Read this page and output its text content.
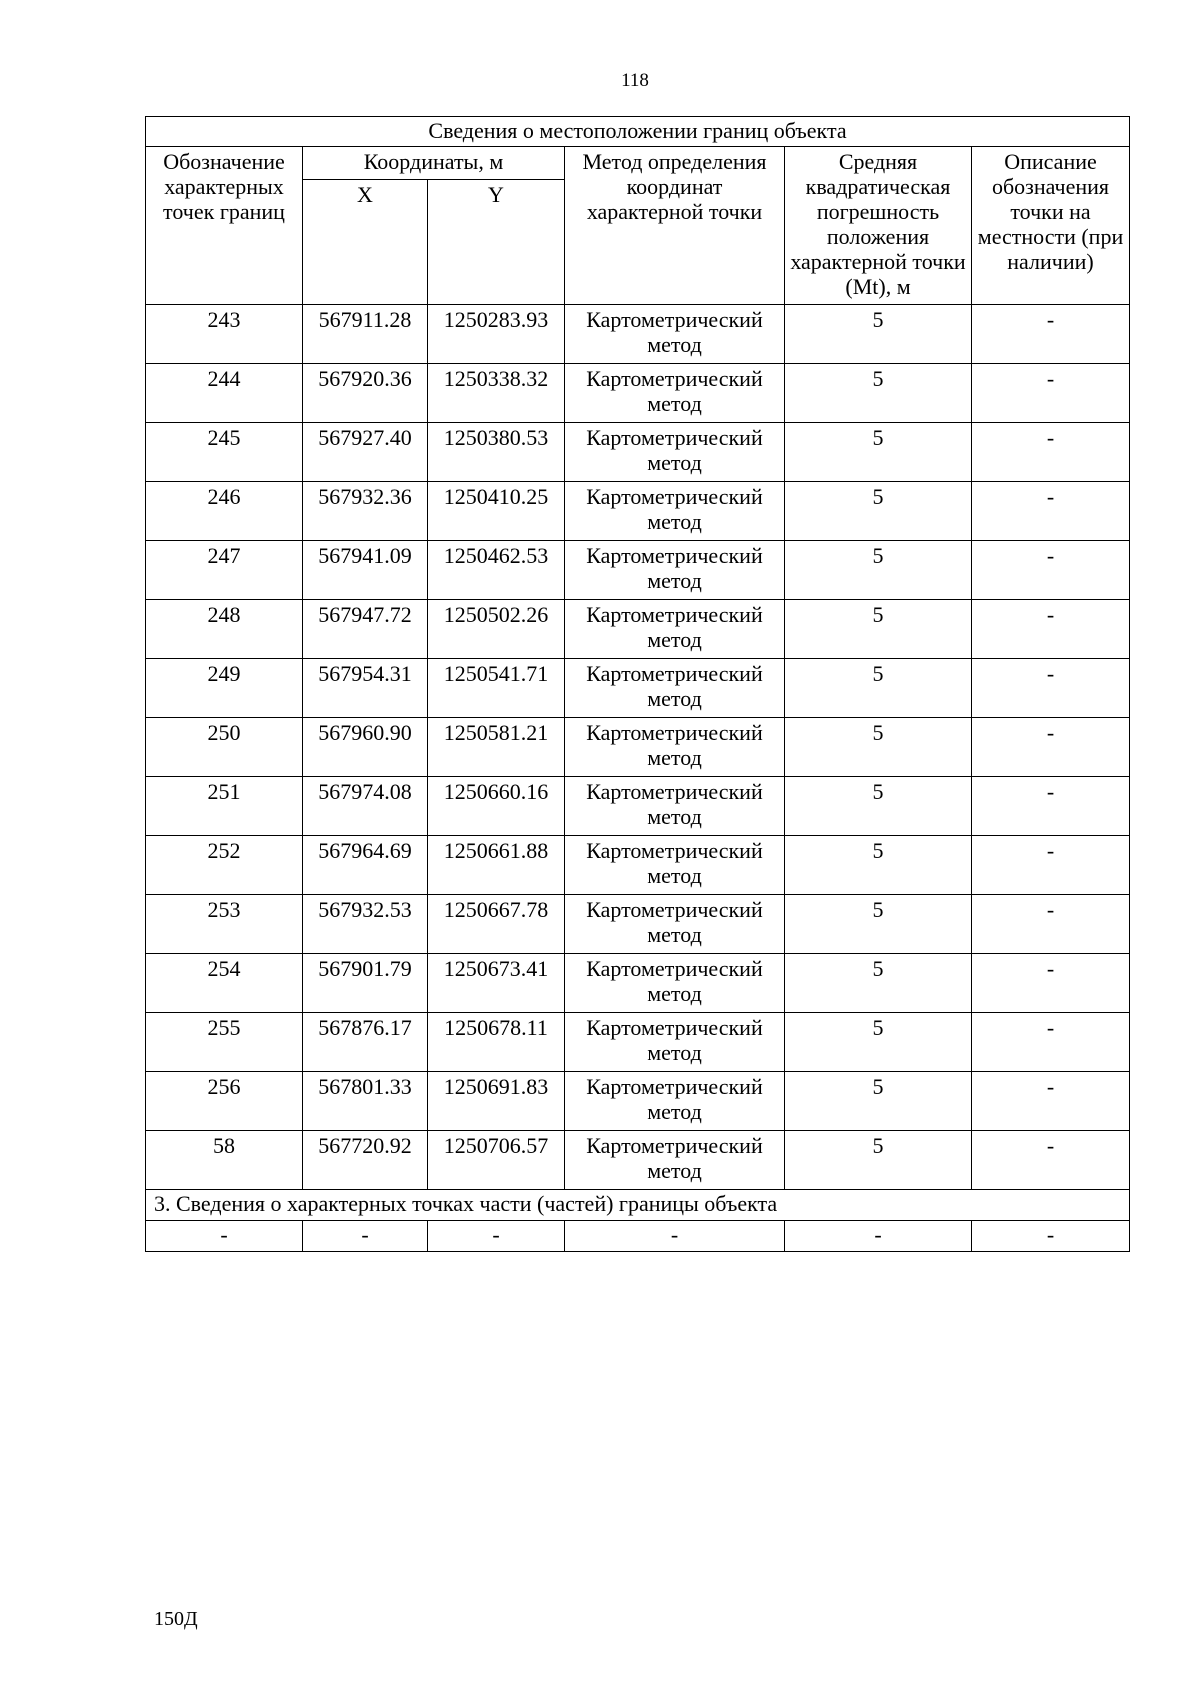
118
Сведения о местоположении границ объекта					
Обозначение характерных точек границ	Координаты, м		Метод определения координат характерной точки	Средняя квадратическая погрешность положения характерной точки (Mt), м	Описание обозначения точки на местности (при наличии)
	X	Y			
243	567911.28	1250283.93	Картометрический метод	5	-
244	567920.36	1250338.32	Картометрический метод	5	-
245	567927.40	1250380.53	Картометрический метод	5	-
246	567932.36	1250410.25	Картометрический метод	5	-
247	567941.09	1250462.53	Картометрический метод	5	-
248	567947.72	1250502.26	Картометрический метод	5	-
249	567954.31	1250541.71	Картометрический метод	5	-
250	567960.90	1250581.21	Картометрический метод	5	-
251	567974.08	1250660.16	Картометрический метод	5	-
252	567964.69	1250661.88	Картометрический метод	5	-
253	567932.53	1250667.78	Картометрический метод	5	-
254	567901.79	1250673.41	Картометрический метод	5	-
255	567876.17	1250678.11	Картометрический метод	5	-
256	567801.33	1250691.83	Картометрический метод	5	-
58	567720.92	1250706.57	Картометрический метод	5	-
3. Сведения о характерных точках части (частей) границы объекта					
-	-	-	-	-	-
150Д
